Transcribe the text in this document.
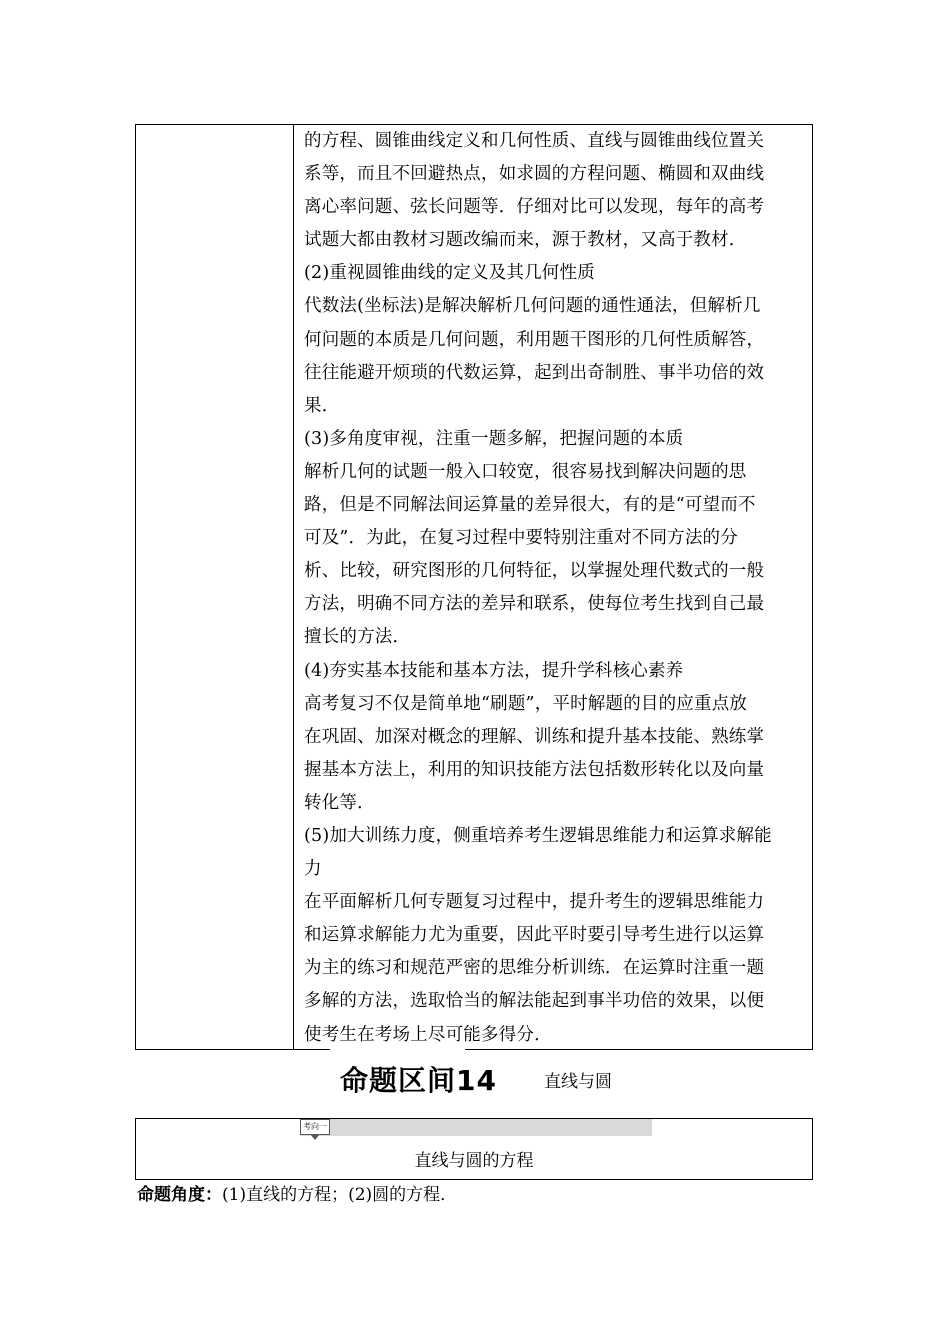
的方程、圆锥曲线定义和几何性质、直线与圆锥曲线位置关
系等，而且不回避热点，如求圆的方程问题、椭圆和双曲线
离心率问题、弦长问题等．仔细对比可以发现，每年的高考
试题大都由教材习题改编而来，源于教材，又高于教材．
(2)重视圆锥曲线的定义及其几何性质
代数法(坐标法)是解决解析几何问题的通性通法，但解析几
何问题的本质是几何问题，利用题干图形的几何性质解答，
往往能避开烦琐的代数运算，起到出奇制胜、事半功倍的效
果．
(3)多角度审视，注重一题多解，把握问题的本质
解析几何的试题一般入口较宽，很容易找到解决问题的思
路，但是不同解法间运算量的差异很大，有的是“可望而不
可及”．为此，在复习过程中要特别注重对不同方法的分
析、比较，研究图形的几何特征，以掌握处理代数式的一般
方法，明确不同方法的差异和联系，使每位考生找到自己最
擅长的方法．
(4)夯实基本技能和基本方法，提升学科核心素养
高考复习不仅是简单地“刷题”，平时解题的目的应重点放
在巩固、加深对概念的理解、训练和提升基本技能、熟练掌
握基本方法上，利用的知识技能方法包括数形转化以及向量
转化等．
(5)加大训练力度，侧重培养考生逻辑思维能力和运算求解能
力
在平面解析几何专题复习过程中，提升考生的逻辑思维能力
和运算求解能力尤为重要，因此平时要引导考生进行以运算
为主的练习和规范严密的思维分析训练．在运算时注重一题
多解的方法，选取恰当的解法能起到事半功倍的效果，以便
使考生在考场上尽可能多得分．
命题区间14	直线与圆
考向一
直线与圆的方程
命题角度：(1)直线的方程；(2)圆的方程．
